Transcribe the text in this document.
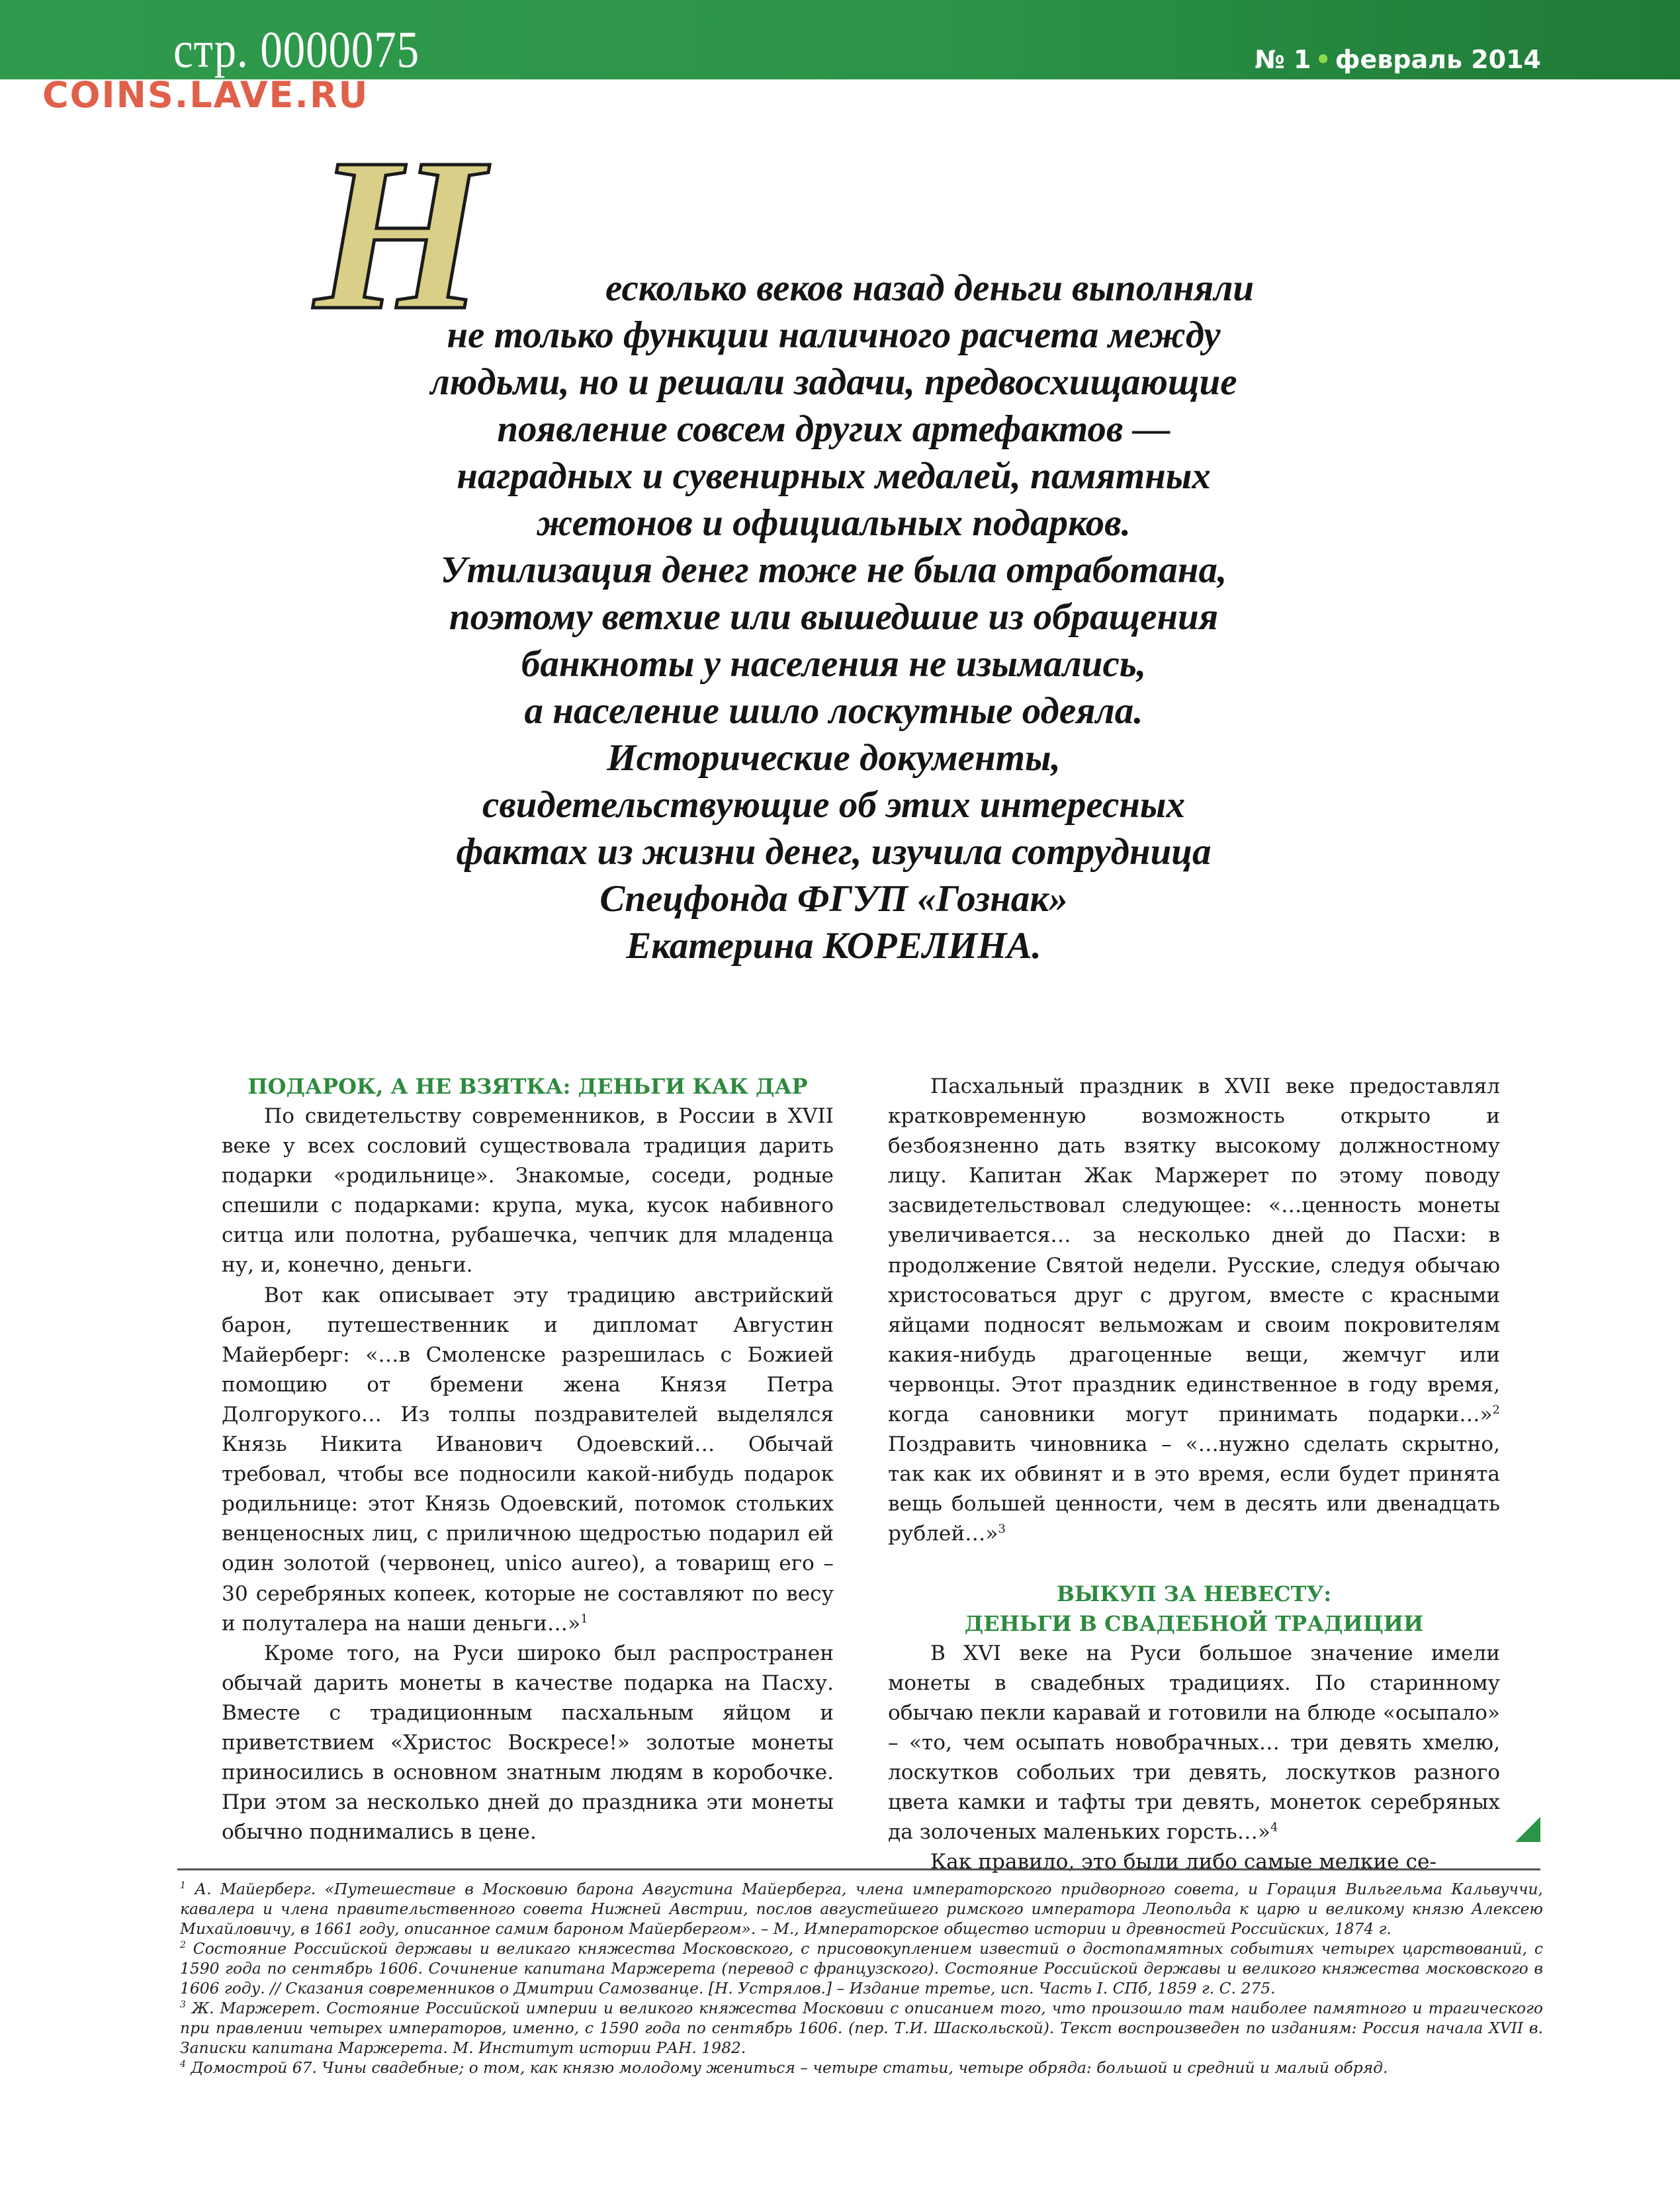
стр. 0000075	№ 1 • февраль 2014
COINS.LAVE.RU
Н	есколько веков назад деньги выполняли
не только функции наличного расчета между
людьми, но и решали задачи, предвосхищающие
появление совсем других артефактов —
наградных и сувенирных медалей, памятных
жетонов и официальных подарков.
Утилизация денег тоже не была отработана,
поэтому ветхие или вышедшие из обращения
банкноты у населения не изымались,
а население шило лоскутные одеяла.
Исторические документы,
свидетельствующие об этих интересных
фактах из жизни денег, изучила сотрудница
Спецфонда ФГУП «Гознак»
Екатерина КОРЕЛИНА.
ПОДАРОК, А НЕ ВЗЯТКА: ДЕНЬГИ КАК ДАР

По свидетельству современников, в России в XVII веке у всех сословий существовала традиция дарить подарки «родильнице». Знакомые, соседи, родные спешили с подарками: крупа, мука, кусок набивного ситца или полотна, рубашечка, чепчик для младенца ну, и, конечно, деньги.

Вот как описывает эту традицию австрийский барон, путешественник и дипломат Августин Майерберг: «…в Смоленске разрешилась с Божией помощию от бремени жена Князя Петра Долгорукого… Из толпы поздравителей выделялся Князь Никита Иванович Одоевский… Обычай требовал, чтобы все подносили какой-нибудь подарок родильнице: этот Князь Одоевский, потомок стольких венценосных лиц, с приличною щедростью подарил ей один золотой (червонец, unico aureo), а товарищ его – 30 серебряных копеек, которые не составляют по весу и полуталера на наши деньги…»$^1$

Кроме того, на Руси широко был распространен обычай дарить монеты в качестве подарка на Пасху. Вместе с традиционным пасхальным яйцом и приветствием «Христос Воскресе!» золотые монеты приносились в основном знатным людям в коробочке. При этом за несколько дней до праздника эти монеты обычно поднимались в цене.

Пасхальный праздник в XVII веке предоставлял кратковременную возможность открыто и безбоязненно дать взятку высокому должностному лицу. Капитан Жак Маржерет по этому поводу засвидетельствовал следующее: «…ценность монеты увеличивается… за несколько дней до Пасхи: в продолжение Святой недели. Русские, следуя обычаю христосоваться друг с другом, вместе с красными яйцами подносят вельможам и своим покровителям какия-нибудь драгоценные вещи, жемчуг или червонцы. Этот праздник единственное в году время, когда сановники могут принимать подарки…»$^2$ Поздравить чиновника – «…нужно сделать скрытно, так как их обвинят и в это время, если будет принята вещь большей ценности, чем в десять или двенадцать рублей…»$^3$

ВЫКУП ЗА НЕВЕСТУ:
ДЕНЬГИ В СВАДЕБНОЙ ТРАДИЦИИ

В XVI веке на Руси большое значение имели монеты в свадебных традициях. По старинному обычаю пекли каравай и готовили на блюде «осыпало» – «то, чем осыпать новобрачных… три девять хмелю, лоскутков собольих три девять, лоскутков разного цвета камки и тафты три девять, монеток серебряных да золоченых маленьких горсть…»$^4$

Как правило, это были либо самые мелкие се-

$^1$ А. Майерберг. «Путешествие в Московию барона Августина Майерберга, члена императорского придворного совета, и Горация Вильгельма Кальвуччи, кавалера и члена правительственного совета Нижней Австрии, послов августейшего римского императора Леопольда к царю и великому князю Алексею Михайловичу, в 1661 году, описанное самим бароном Майербергом». – М., Императорское общество истории и древностей Российских, 1874 г.

$^2$ Состояние Российской державы и великаго княжества Московского, с присовокуплением известий о достопамятных событиях четырех царствований, с 1590 года по сентябрь 1606. Сочинение капитана Маржерета (перевод с французского). Состояние Российской державы и великого княжества московского в 1606 году. // Сказания современников о Дмитрии Самозванце. [Н. Устрялов.] – Издание третье, исп. Часть I. СПб, 1859 г. С. 275.

$^3$ Ж. Маржерет. Состояние Российской империи и великого княжества Московии с описанием того, что произошло там наиболее памятного и трагического при правлении четырех императоров, именно, с 1590 года по сентябрь 1606. (пер. Т.И. Шаскольской). Текст воспроизведен по изданиям: Россия начала XVII в. Записки капитана Маржерета. М. Институт истории РАН. 1982.

$^4$ Домострой 67. Чины свадебные; о том, как князю молодому жениться – четыре статьи, четыре обряда: большой и средний и малый обряд.
